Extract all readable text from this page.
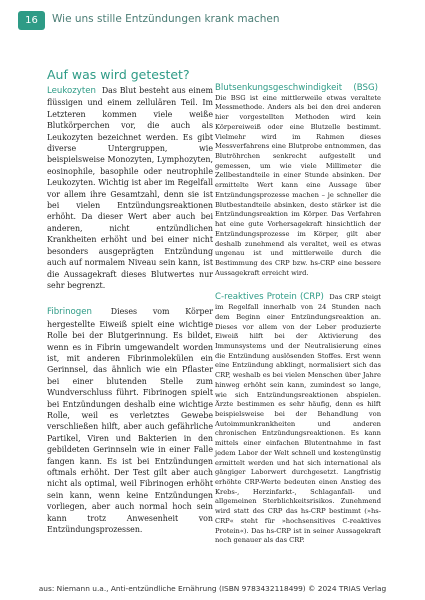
16	Wie uns stille Entzündungen krank machen
Auf was wird getestet?

Leukozyten Das Blut besteht aus einem flüssigen und einem zellulären Teil. Im Letzteren kommen viele weiße Blutkörperchen vor, die auch als Leukozyten bezeichnet werden. Es gibt diverse Untergruppen, wie beispielsweise Monozyten, Lymphozyten, eosinophile, basophile oder neutrophile Leukozyten. Wichtig ist aber im Regelfall vor allem ihre Gesamtzahl, denn sie ist bei vielen Entzündungsreaktionen erhöht. Da dieser Wert aber auch bei anderen, nicht entzündlichen Krankheiten erhöht und bei einer nicht besonders ausgeprägten Entzündung auch auf normalem Niveau sein kann, ist die Aussagekraft dieses Blutwertes nur sehr begrenzt.

Fibrinogen Dieses vom Körper hergestellte Eiweiß spielt eine wichtige Rolle bei der Blutgerinnung. Es bildet, wenn es in Fibrin umgewandelt worden ist, mit anderen Fibrinmolekülen ein Gerinnsel, das ähnlich wie ein Pflaster bei einer blutenden Stelle zum Wundverschluss führt. Fibrinogen spielt bei Entzündungen deshalb eine wichtige Rolle, weil es verletztes Gewebe verschließen hilft, aber auch gefährliche Partikel, Viren und Bakterien in den gebildeten Gerinnseln wie in einer Falle fangen kann. Es ist bei Entzündungen oftmals erhöht. Der Test gilt aber auch nicht als optimal, weil Fibrinogen erhöht sein kann, wenn keine Entzündungen vorliegen, aber auch normal hoch sein kann trotz Anwesenheit von Entzündungsprozessen.

Blutsenkungsgeschwindigkeit (BSG) Die BSG ist eine mittlerweile etwas veraltete Messmethode. Anders als bei den drei anderen hier vorgestellten Methoden wird kein Körpereiweiß oder eine Blutzelle bestimmt. Vielmehr wird im Rahmen dieses Messverfahrens eine Blutprobe entnommen, das Blutröhrchen senkrecht aufgestellt und gemessen, um wie viele Millimeter die Zellbestandteile in einer Stunde absinken. Der ermittelte Wert kann eine Aussage über Entzündungsprozesse machen – je schneller die Blutbestandteile absinken, desto stärker ist die Entzündungsreaktion im Körper. Das Verfahren hat eine gute Vorhersagekraft hinsichtlich der Entzündungsprozesse im Körper, gilt aber deshalb zunehmend als veraltet, weil es etwas ungenau ist und mittlerweile durch die Bestimmung des CRP bzw. hs-CRP eine bessere Aussagekraft erreicht wird.

C-reaktives Protein (CRP) Das CRP steigt im Regelfall innerhalb von 24 Stunden nach dem Beginn einer Entzündungsreaktion an. Dieses vor allem von der Leber produzierte Eiweiß hilft bei der Aktivierung des Immunsystems und der Neutralisierung eines die Entzündung auslösenden Stoffes. Erst wenn eine Entzündung abklingt, normalisiert sich das CRP, weshalb es bei vielen Menschen über Jahre hinweg erhöht sein kann, zumindest so lange, wie sich Entzündungsreaktionen abspielen. Ärzte bestimmen es sehr häufig, denn es hilft beispielsweise bei der Behandlung von Autoimmunkrankheiten und anderen chronischen Entzündungsreaktionen. Es kann mittels einer einfachen Blutentnahme in fast jedem Labor der Welt schnell und kostengünstig ermittelt werden und hat sich international als gängiger Laborwert durchgesetzt. Langfristig erhöhte CRP-Werte bedeuten einen Anstieg des Krebs-, Herzinfarkt-, Schlaganfall- und allgemeinen Sterblichkeitsrisikos. Zunehmend wird statt des CRP das hs-CRP bestimmt (»hs-CRP« steht für »hochsensitives C-reaktives Protein«). Das hs-CRP ist in seiner Aussagekraft noch genauer als das CRP.

aus: Niemann u.a., Anti-entzündliche Ernährung (ISBN 9783432118499) © 2024 TRIAS Verlag
